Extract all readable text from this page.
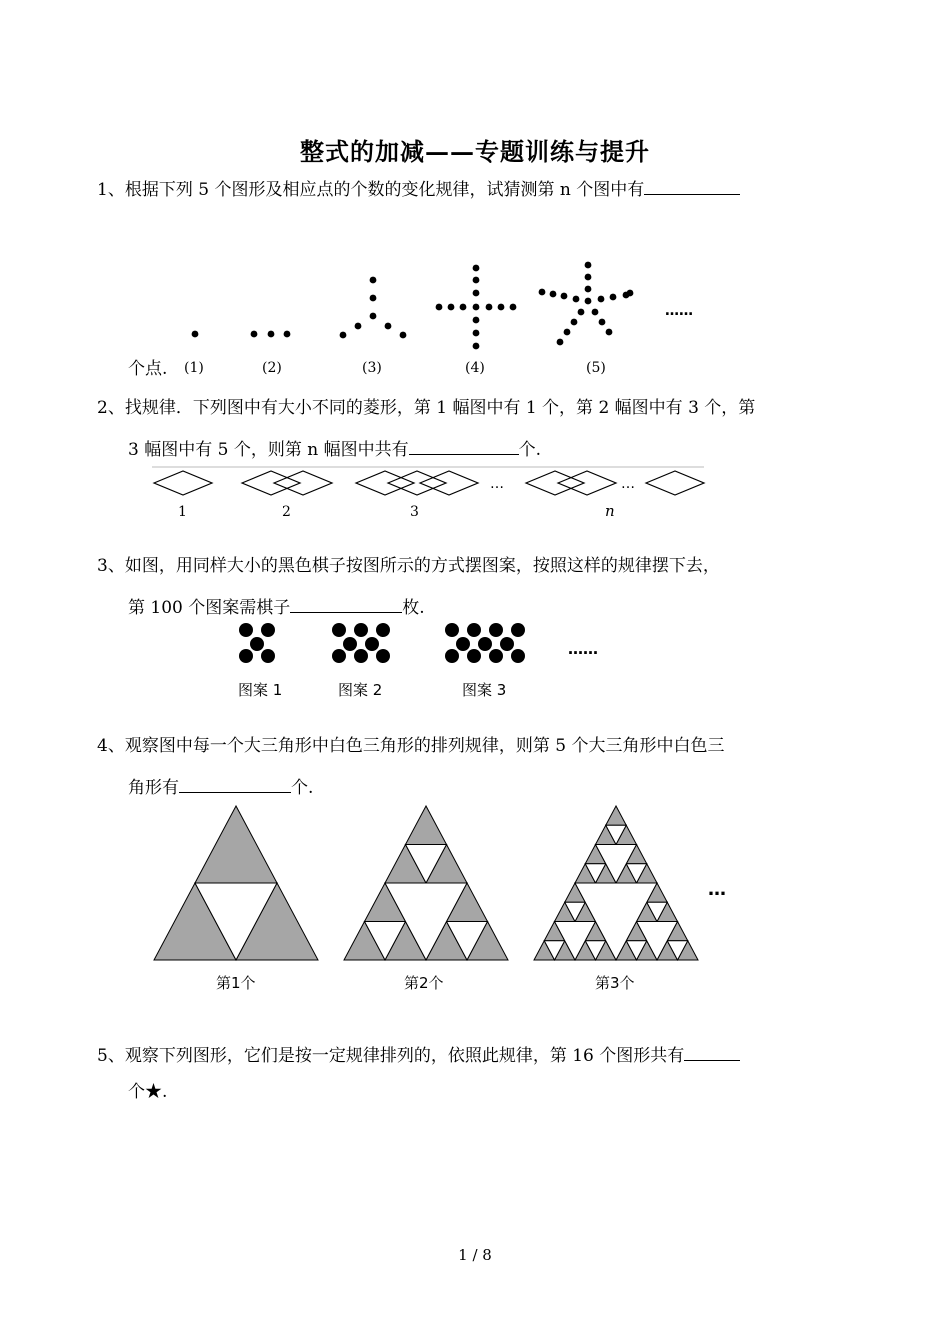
整式的加减——专题训练与提升
1、根据下列 5 个图形及相应点的个数的变化规律，试猜测第 n 个图中有
……
(1)	(2)	(3)	(4)	(5)
个点.
2、找规律．下列图中有大小不同的菱形，第 1 幅图中有 1 个，第 2 幅图中有 3 个，第
3 幅图中有 5 个，则第 n 幅图中共有	个.
…	…
1	2	3	n
3、如图，用同样大小的黑色棋子按图所示的方式摆图案，按照这样的规律摆下去，
第 100 个图案需棋子	枚.
……
图案 1	图案 2	图案 3
4、观察图中每一个大三角形中白色三角形的排列规律，则第 5 个大三角形中白色三
角形有	个.
…
第1个	第2个	第3个
5、观察下列图形，它们是按一定规律排列的，依照此规律，第 16 个图形共有
个★.
1 / 8
